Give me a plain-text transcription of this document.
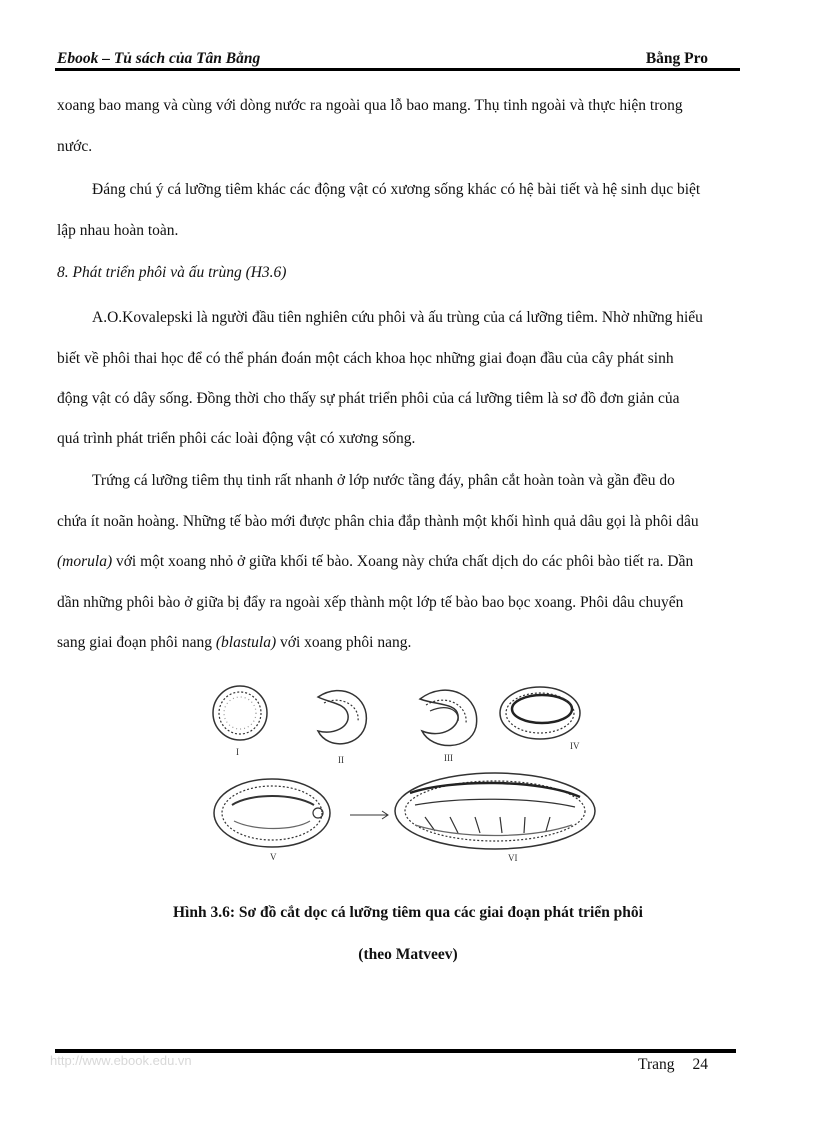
Ebook – Tủ sách của Tân Bằng	Bằng Pro
xoang bao mang và cùng với dòng nước ra ngoài qua lỗ bao mang. Thụ tinh ngoài và thực hiện trong
nước.
Đáng chú ý cá lưỡng tiêm khác các động vật có xương sống khác có hệ bài tiết và hệ sinh dục biệt
lập nhau hoàn toàn.
8. Phát triển phôi và ấu trùng (H3.6)
A.O.Kovalepski là người đầu tiên nghiên cứu phôi và ấu trùng của cá lưỡng tiêm. Nhờ những hiểu
biết về phôi thai học để có thể phán đoán một cách khoa học những giai đoạn đầu của cây phát sinh
động vật có dây sống. Đồng thời cho thấy sự phát triển phôi của cá lưỡng tiêm là sơ đồ đơn giản của
quá trình phát triển phôi các loài động vật có xương sống.
Trứng cá lưỡng tiêm thụ tinh rất nhanh ở lớp nước tầng đáy, phân cắt hoàn toàn và gần đều do
chứa ít noãn hoàng. Những tế bào mới được phân chia đắp thành một khối hình quả dâu gọi là phôi dâu
(morula) với một xoang nhỏ ở giữa khối tế bào. Xoang này chứa chất dịch do các phôi bào tiết ra. Dần
dần những phôi bào ở giữa bị đẩy ra ngoài xếp thành một lớp tế bào bao bọc xoang. Phôi dâu chuyển
sang giai đoạn phôi nang (blastula) với xoang phôi nang.
I
II	III
IV
V	VI
Hình 3.6: Sơ đồ cắt dọc cá lưỡng tiêm qua các giai đoạn phát triển phôi
(theo Matveev)
http://www.ebook.edu.vn	Trang 24
